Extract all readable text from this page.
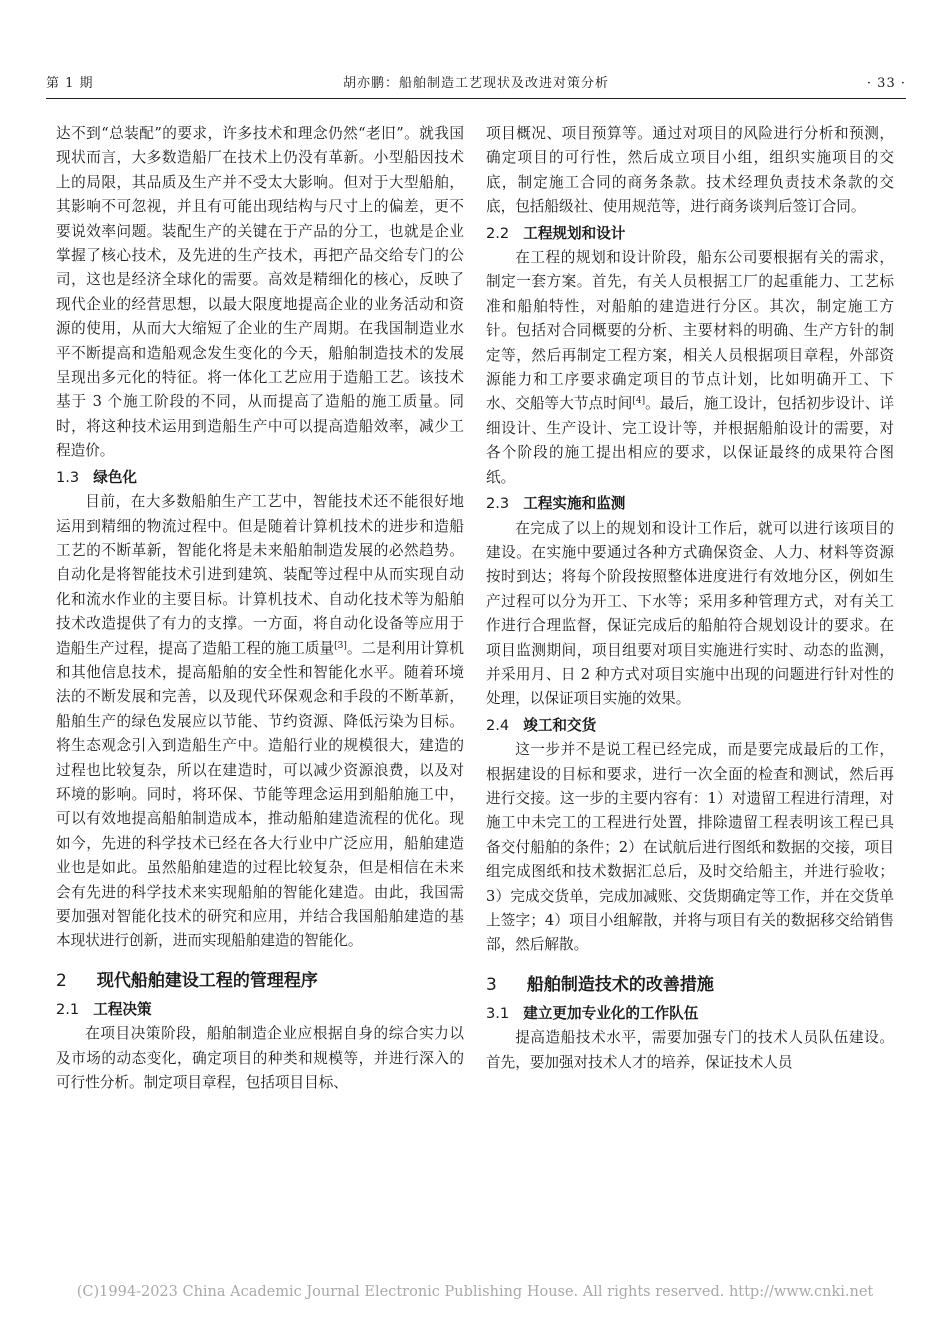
第 1 期	胡亦鹏：船舶制造工艺现状及改进对策分析	· 33 ·

达不到“总装配”的要求，许多技术和理念仍然“老旧”。就我国现状而言，大多数造船厂在技术上仍没有革新。小型船因技术上的局限，其品质及生产并不受太大影响。但对于大型船舶，其影响不可忽视，并且有可能出现结构与尺寸上的偏差，更不要说效率问题。装配生产的关键在于产品的分工，也就是企业掌握了核心技术，及先进的生产技术，再把产品交给专门的公司，这也是经济全球化的需要。高效是精细化的核心，反映了现代企业的经营思想，以最大限度地提高企业的业务活动和资源的使用，从而大大缩短了企业的生产周期。在我国制造业水平不断提高和造船观念发生变化的今天，船舶制造技术的发展呈现出多元化的特征。将一体化工艺应用于造船工艺。该技术基于 3 个施工阶段的不同，从而提高了造船的施工质量。同时，将这种技术运用到造船生产中可以提高造船效率，减少工程造价。

1.3 绿色化

目前，在大多数船舶生产工艺中，智能技术还不能很好地运用到精细的物流过程中。但是随着计算机技术的进步和造船工艺的不断革新，智能化将是未来船舶制造发展的必然趋势。自动化是将智能技术引进到建筑、装配等过程中从而实现自动化和流水作业的主要目标。计算机技术、自动化技术等为船舶技术改造提供了有力的支撑。一方面，将自动化设备等应用于造船生产过程，提高了造船工程的施工质量[3]。二是利用计算机和其他信息技术，提高船舶的安全性和智能化水平。随着环境法的不断发展和完善，以及现代环保观念和手段的不断革新，船舶生产的绿色发展应以节能、节约资源、降低污染为目标。将生态观念引入到造船生产中。造船行业的规模很大，建造的过程也比较复杂，所以在建造时，可以减少资源浪费，以及对环境的影响。同时，将环保、节能等理念运用到船舶施工中，可以有效地提高船舶制造成本，推动船舶建造流程的优化。现如今，先进的科学技术已经在各大行业中广泛应用，船舶建造业也是如此。虽然船舶建造的过程比较复杂，但是相信在未来会有先进的科学技术来实现船舶的智能化建造。由此，我国需要加强对智能化技术的研究和应用，并结合我国船舶建造的基本现状进行创新，进而实现船舶建造的智能化。

2 现代船舶建设工程的管理程序
2.1 工程决策

在项目决策阶段，船舶制造企业应根据自身的综合实力以及市场的动态变化，确定项目的种类和规模等，并进行深入的可行性分析。制定项目章程，包括项目目标、

项目概况、项目预算等。通过对项目的风险进行分析和预测，确定项目的可行性，然后成立项目小组，组织实施项目的交底，制定施工合同的商务条款。技术经理负责技术条款的交底，包括船级社、使用规范等，进行商务谈判后签订合同。

2.2 工程规划和设计

在工程的规划和设计阶段，船东公司要根据有关的需求，制定一套方案。首先，有关人员根据工厂的起重能力、工艺标准和船舶特性，对船舶的建造进行分区。其次，制定施工方针。包括对合同概要的分析、主要材料的明确、生产方针的制定等，然后再制定工程方案，相关人员根据项目章程，外部资源能力和工序要求确定项目的节点计划，比如明确开工、下水、交船等大节点时间[4]。最后，施工设计，包括初步设计、详细设计、生产设计、完工设计等，并根据船舶设计的需要，对各个阶段的施工提出相应的要求，以保证最终的成果符合图纸。

2.3 工程实施和监测

在完成了以上的规划和设计工作后，就可以进行该项目的建设。在实施中要通过各种方式确保资金、人力、材料等资源按时到达；将每个阶段按照整体进度进行有效地分区，例如生产过程可以分为开工、下水等；采用多种管理方式，对有关工作进行合理监督，保证完成后的船舶符合规划设计的要求。在项目监测期间，项目组要对项目实施进行实时、动态的监测，并采用月、日 2 种方式对项目实施中出现的问题进行针对性的处理，以保证项目实施的效果。

2.4 竣工和交货

这一步并不是说工程已经完成，而是要完成最后的工作，根据建设的目标和要求，进行一次全面的检查和测试，然后再进行交接。这一步的主要内容有：1）对遗留工程进行清理，对施工中未完工的工程进行处置，排除遗留工程表明该工程已具备交付船舶的条件；2）在试航后进行图纸和数据的交接，项目组完成图纸和技术数据汇总后，及时交给船主，并进行验收；3）完成交货单，完成加减账、交货期确定等工作，并在交货单上签字；4）项目小组解散，并将与项目有关的数据移交给销售部，然后解散。

3 船舶制造技术的改善措施
3.1 建立更加专业化的工作队伍

提高造船技术水平，需要加强专门的技术人员队伍建设。首先，要加强对技术人才的培养，保证技术人员

(C)1994-2023 China Academic Journal Electronic Publishing House. All rights reserved. http://www.cnki.net
